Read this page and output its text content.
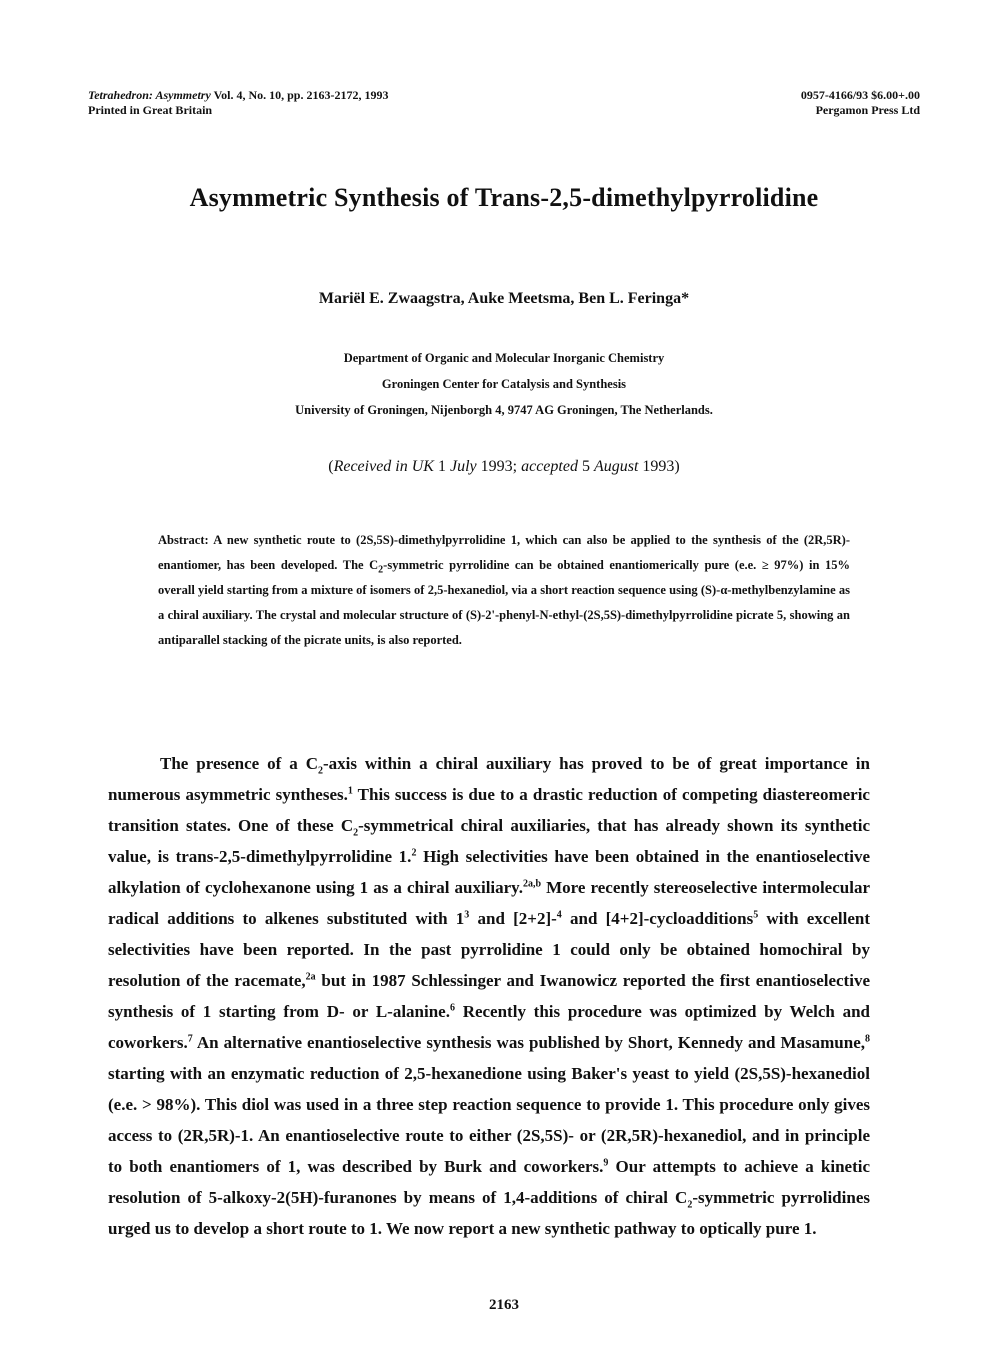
Tetrahedron: Asymmetry Vol. 4, No. 10, pp. 2163-2172, 1993
Printed in Great Britain
0957-4166/93 $6.00+.00
Pergamon Press Ltd
Asymmetric Synthesis of Trans-2,5-dimethylpyrrolidine
Mariël E. Zwaagstra, Auke Meetsma, Ben L. Feringa*
Department of Organic and Molecular Inorganic Chemistry
Groningen Center for Catalysis and Synthesis
University of Groningen, Nijenborgh 4, 9747 AG Groningen, The Netherlands.
(Received in UK 1 July 1993; accepted 5 August 1993)
Abstract: A new synthetic route to (2S,5S)-dimethylpyrrolidine 1, which can also be applied to the synthesis of the (2R,5R)-enantiomer, has been developed. The $C_2$-symmetric pyrrolidine can be obtained enantiomerically pure (e.e. ≥ 97%) in 15% overall yield starting from a mixture of isomers of 2,5-hexanediol, via a short reaction sequence using (S)-α-methylbenzylamine as a chiral auxiliary. The crystal and molecular structure of (S)-2'-phenyl-N-ethyl-(2S,5S)-dimethylpyrrolidine picrate 5, showing an antiparallel stacking of the picrate units, is also reported.
The presence of a $C_2$-axis within a chiral auxiliary has proved to be of great importance in numerous asymmetric syntheses.$^1$ This success is due to a drastic reduction of competing diastereomeric transition states. One of these $C_2$-symmetrical chiral auxiliaries, that has already shown its synthetic value, is trans-2,5-dimethylpyrrolidine 1.$^2$ High selectivities have been obtained in the enantioselective alkylation of cyclohexanone using 1 as a chiral auxiliary.$^{2a,b}$ More recently stereoselective intermolecular radical additions to alkenes substituted with $1^3$ and [2+2]-$^4$ and [4+2]-cycloadditions$^5$ with excellent selectivities have been reported. In the past pyrrolidine 1 could only be obtained homochiral by resolution of the racemate,$^{2a}$ but in 1987 Schlessinger and Iwanowicz reported the first enantioselective synthesis of 1 starting from D- or L-alanine.$^6$ Recently this procedure was optimized by Welch and coworkers.$^7$ An alternative enantioselective synthesis was published by Short, Kennedy and Masamune,$^8$ starting with an enzymatic reduction of 2,5-hexanedione using Baker's yeast to yield (2S,5S)-hexanediol (e.e. > 98%). This diol was used in a three step reaction sequence to provide 1. This procedure only gives access to (2R,5R)-1. An enantioselective route to either (2S,5S)- or (2R,5R)-hexanediol, and in principle to both enantiomers of 1, was described by Burk and coworkers.$^9$ Our attempts to achieve a kinetic resolution of 5-alkoxy-2(5H)-furanones by means of 1,4-additions of chiral $C_2$-symmetric pyrrolidines urged us to develop a short route to 1. We now report a new synthetic pathway to optically pure 1.
2163
